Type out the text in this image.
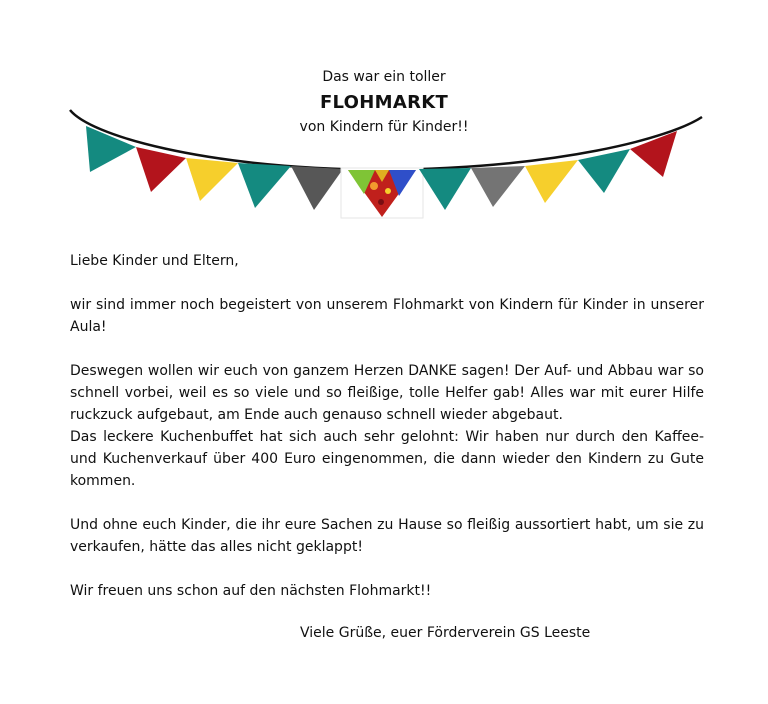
Das war ein toller

FLOHMARKT

von Kindern für Kinder!!

Liebe Kinder und Eltern,

wir sind immer noch begeistert von unserem Flohmarkt von Kindern für Kinder in unserer Aula!

Deswegen wollen wir euch von ganzem Herzen DANKE sagen! Der Auf- und Abbau war so schnell vorbei, weil es so viele und so fleißige, tolle Helfer gab! Alles war mit eurer Hilfe ruckzuck aufgebaut, am Ende auch genauso schnell wieder abgebaut.

Das leckere Kuchenbuffet hat sich auch sehr gelohnt: Wir haben nur durch den Kaffee- und Kuchenverkauf über 400 Euro eingenommen, die dann wieder den Kindern zu Gute kommen.

Und ohne euch Kinder, die ihr eure Sachen zu Hause so fleißig aussortiert habt, um sie zu verkaufen, hätte das alles nicht geklappt!

Wir freuen uns schon auf den nächsten Flohmarkt!!

Viele Grüße, euer Förderverein GS Leeste
